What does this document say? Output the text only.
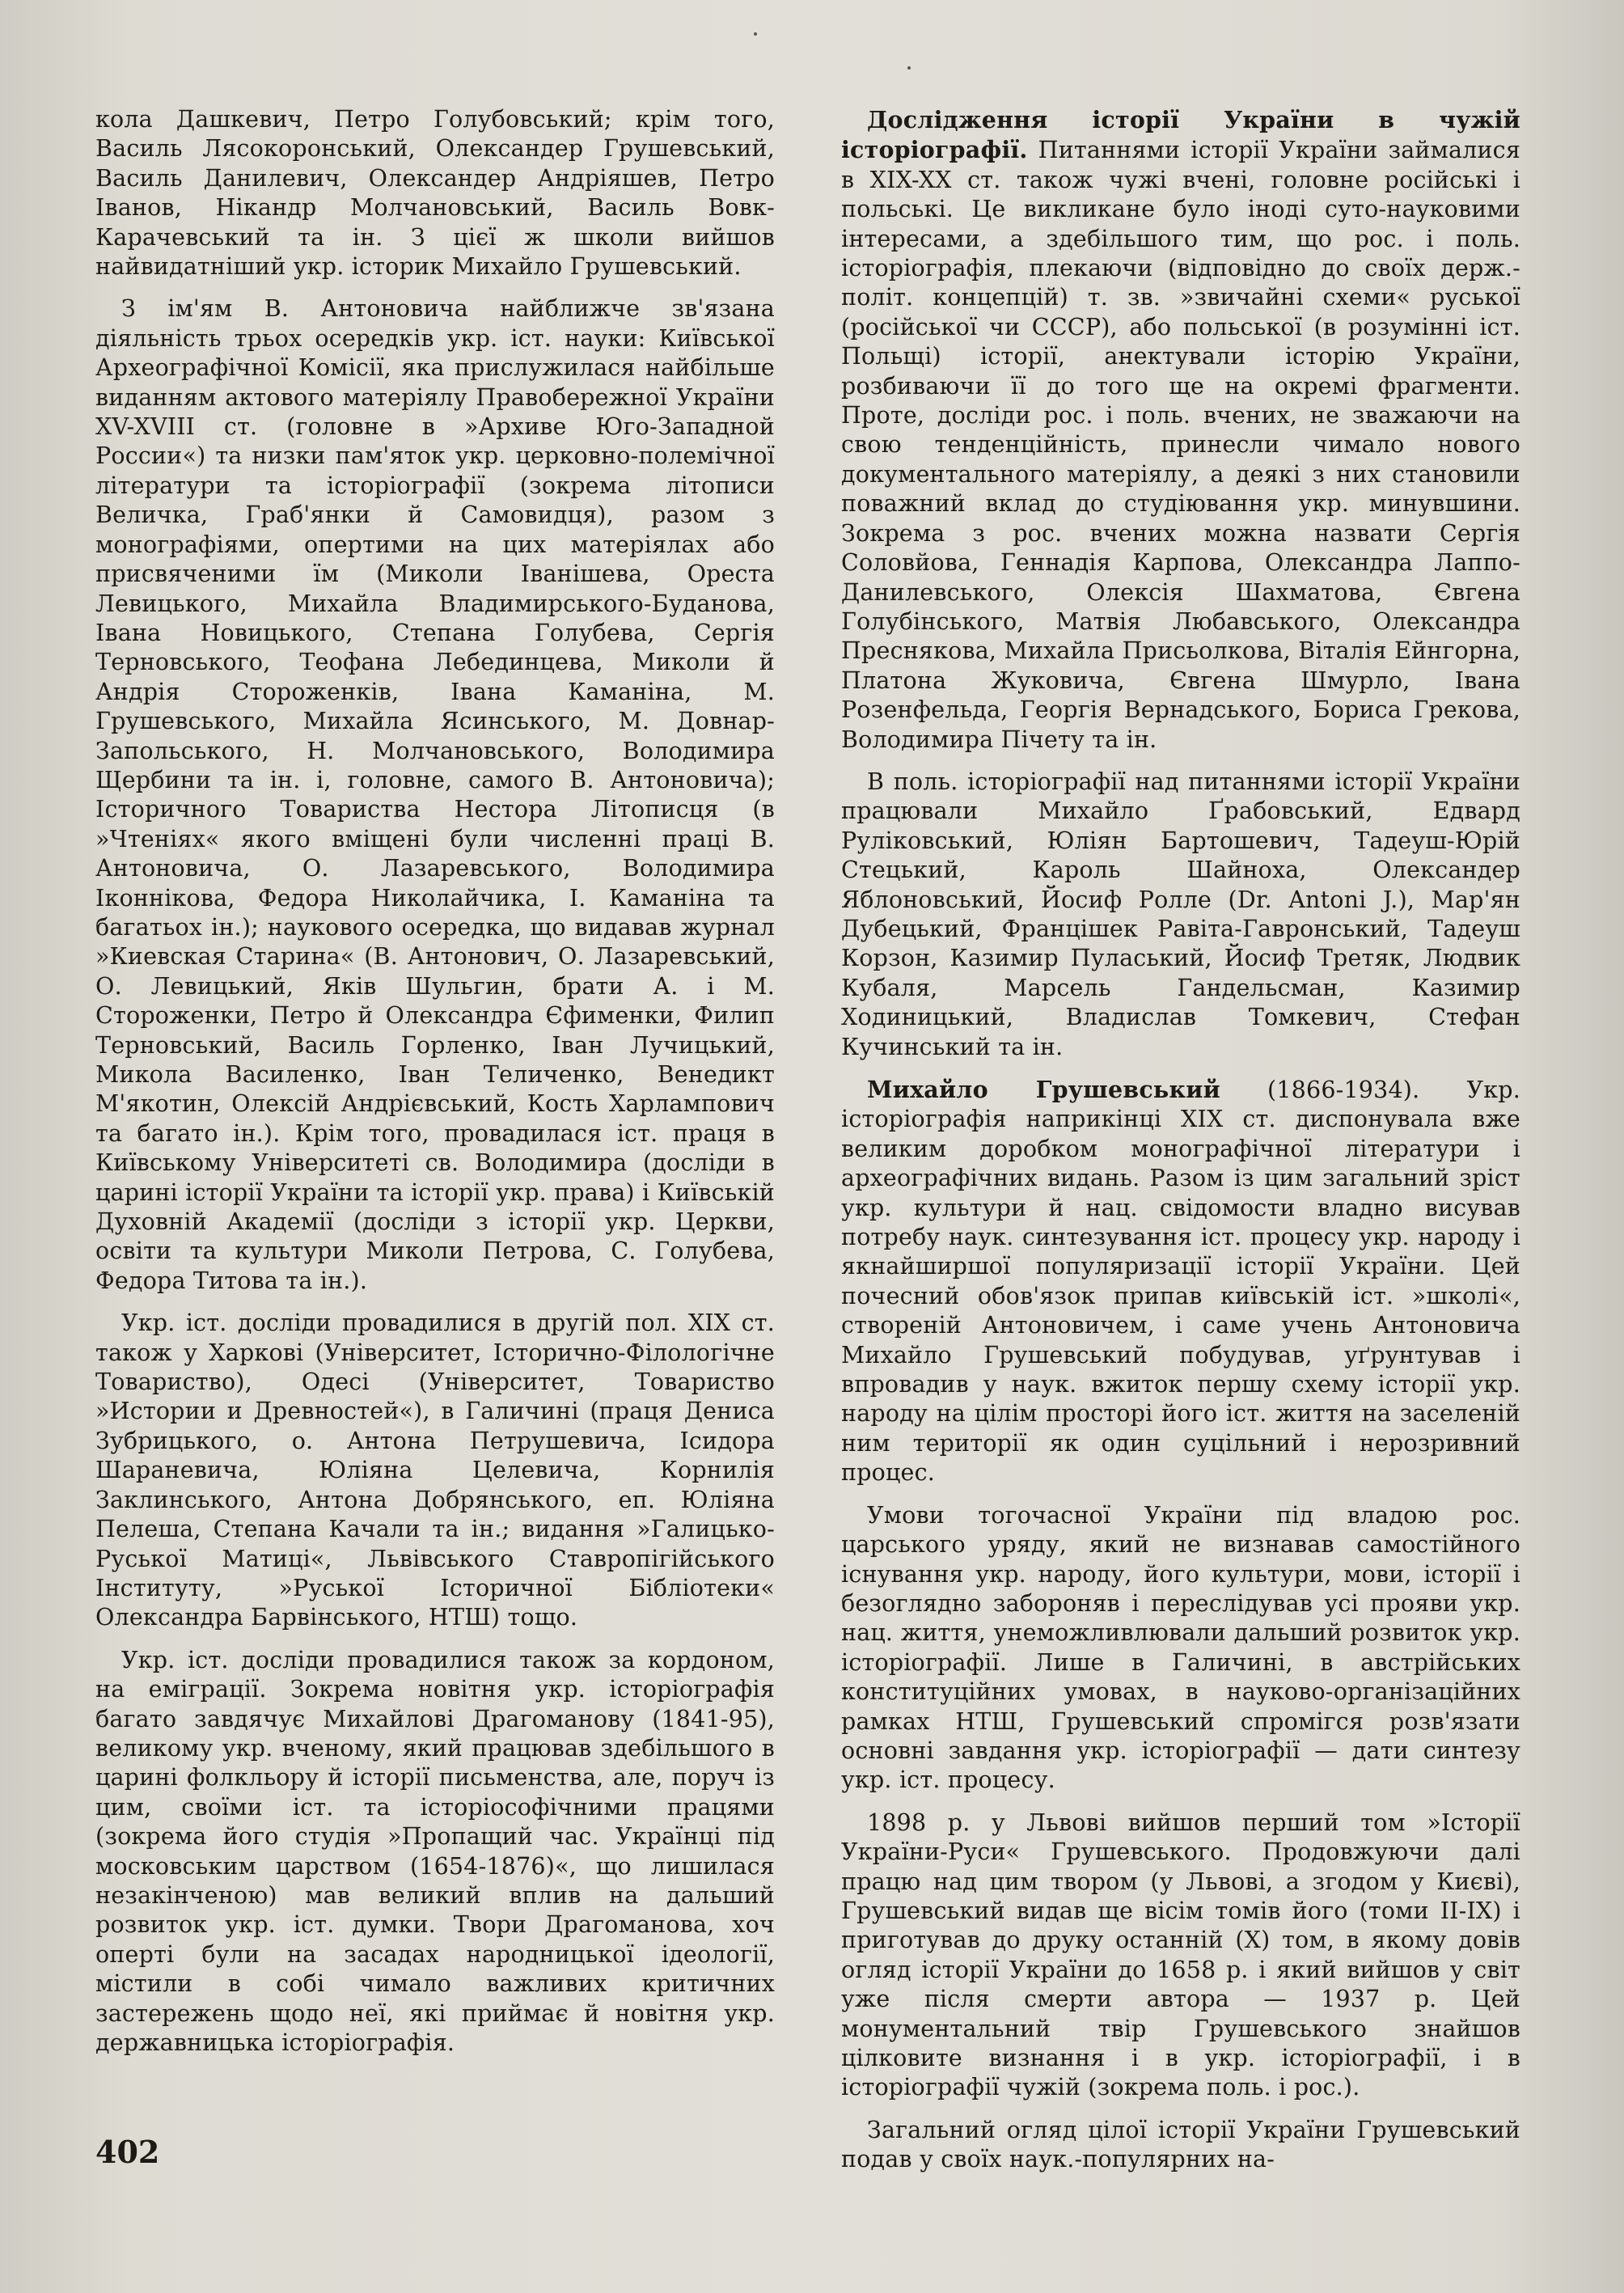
кола Дашкевич, Петро Голубовський; крім того, Василь Лясокоронський, Олександер Грушевський, Василь Данилевич, Олександер Андріяшев, Петро Іванов, Нікандр Молчановський, Василь Вовк-Карачевський та ін. З цієї ж школи вийшов найвидатніший укр. історик Михайло Грушевський.

З ім'ям В. Антоновича найближче зв'язана діяльність трьох осередків укр. іст. науки: Київської Археографічної Комісії, яка прислужилася найбільше виданням актового матеріялу Правобережної України XV-XVIII ст. (головне в »Архиве Юго-Западной России«) та низки пам'яток укр. церковно-полемічної літератури та історіографії (зокрема літописи Величка, Граб'янки й Самовидця), разом з монографіями, опертими на цих матеріялах або присвяченими їм (Миколи Іванішева, Ореста Левицького, Михайла Владимирського-Буданова, Івана Новицького, Степана Голубева, Сергія Терновського, Теофана Лебединцева, Миколи й Андрія Стороженків, Івана Каманіна, М. Грушевського, Михайла Ясинського, М. Довнар-Запольського, Н. Молчановського, Володимира Щербини та ін. і, головне, самого В. Антоновича); Історичного Товариства Нестора Літописця (в »Чтеніях« якого вміщені були численні праці В. Антоновича, О. Лазаревського, Володимира Іконнікова, Федора Николайчика, І. Каманіна та багатьох ін.); наукового осередка, що видавав журнал »Киевская Старина« (В. Антонович, О. Лазаревський, О. Левицький, Яків Шульгин, брати А. і М. Стороженки, Петро й Олександра Єфименки, Филип Терновський, Василь Горленко, Іван Лучицький, Микола Василенко, Іван Теличенко, Венедикт М'якотин, Олексій Андрієвський, Кость Харлампович та багато ін.). Крім того, провадилася іст. праця в Київському Університеті св. Володимира (досліди в царині історії України та історії укр. права) і Київській Духовній Академії (досліди з історії укр. Церкви, освіти та культури Миколи Петрова, С. Голубева, Федора Титова та ін.).

Укр. іст. досліди провадилися в другій пол. XIX ст. також у Харкові (Університет, Історично-Філологічне Товариство), Одесі (Університет, Товариство »Истории и Древностей«), в Галичині (праця Дениса Зубрицького, о. Антона Петрушевича, Ісидора Шараневича, Юліяна Целевича, Корнилія Заклинського, Антона Добрянського, еп. Юліяна Пелеша, Степана Качали та ін.; видання »Галицько-Руської Матиці«, Львівського Ставропігійського Інституту, »Руської Історичної Бібліотеки« Олександра Барвінського, НТШ) тощо.

Укр. іст. досліди провадилися також за кордоном, на еміграції. Зокрема новітня укр. історіографія багато завдячує Михайлові Драгоманову (1841-95), великому укр. вченому, який працював здебільшого в царині фолкльору й історії письменства, але, поруч із цим, своїми іст. та історіософічними працями (зокрема його студія »Пропащий час. Українці під московським царством (1654-1876)«, що лишилася незакінченою) мав великий вплив на дальший розвиток укр. іст. думки. Твори Драгоманова, хоч оперті були на засадах народницької ідеології, містили в собі чимало важливих критичних застережень щодо неї, які приймає й новітня укр. державницька історіографія.

Дослідження історії України в чужій історіографії. Питаннями історії України займалися в XIX-XX ст. також чужі вчені, головне російські і польські. Це викликане було іноді суто-науковими інтересами, а здебільшого тим, що рос. і поль. історіографія, плекаючи (відповідно до своїх держ.-політ. концепцій) т. зв. »звичайні схеми« руської (російської чи СССР), або польської (в розумінні іст. Польщі) історії, анектували історію України, розбиваючи її до того ще на окремі фрагменти. Проте, досліди рос. і поль. вчених, не зважаючи на свою тенденційність, принесли чимало нового документального матеріялу, а деякі з них становили поважний вклад до студіювання укр. минувшини. Зокрема з рос. вчених можна назвати Сергія Соловйова, Геннадія Карпова, Олександра Лаппо-Данилевського, Олексія Шахматова, Євгена Голубінського, Матвія Любавського, Олександра Преснякова, Михайла Присьолкова, Віталія Ейнгорна, Платона Жуковича, Євгена Шмурло, Івана Розенфельда, Георгія Вернадського, Бориса Грекова, Володимира Пічету та ін.

В поль. історіографії над питаннями історії України працювали Михайло Ґрабовський, Едвард Руліковський, Юліян Бартошевич, Тадеуш-Юрій Стецький, Кароль Шайноха, Олександер Яблоновський, Йосиф Ролле (Dr. Antoni J.), Мар'ян Дубецький, Францішек Равіта-Гавронський, Тадеуш Корзон, Казимир Пуласький, Йосиф Третяк, Людвик Кубаля, Марсель Гандельсман, Казимир Ходиницький, Владислав Томкевич, Стефан Кучинський та ін.

Михайло Грушевський (1866-1934). Укр. історіографія наприкінці XIX ст. диспонувала вже великим доробком монографічної літератури і археографічних видань. Разом із цим загальний зріст укр. культури й нац. свідомости владно висував потребу наук. синтезування іст. процесу укр. народу і якнайширшої популяризації історії України. Цей почесний обов'язок припав київській іст. »школі«, створеній Антоновичем, і саме учень Антоновича Михайло Грушевський побудував, уґрунтував і впровадив у наук. вжиток першу схему історії укр. народу на цілім просторі його іст. життя на заселеній ним території як один суцільний і нерозривний процес.

Умови тогочасної України під владою рос. царського уряду, який не визнавав самостійного існування укр. народу, його культури, мови, історії і безоглядно забороняв і переслідував усі прояви укр. нац. життя, унеможливлювали дальший розвиток укр. історіографії. Лише в Галичині, в австрійських конституційних умовах, в науково-організаційних рамках НТШ, Грушевський спромігся розв'язати основні завдання укр. історіографії — дати синтезу укр. іст. процесу.

1898 р. у Львові вийшов перший том »Історії України-Руси« Грушевського. Продовжуючи далі працю над цим твором (у Львові, а згодом у Києві), Грушевський видав ще вісім томів його (томи II-IX) і приготував до друку останній (X) том, в якому довів огляд історії України до 1658 р. і який вийшов у світ уже після смерти автора — 1937 р. Цей монументальний твір Грушевського знайшов цілковите визнання і в укр. історіографії, і в історіографії чужій (зокрема поль. і рос.).

Загальний огляд цілої історії України Грушевський подав у своїх наук.-популярних на-

402
